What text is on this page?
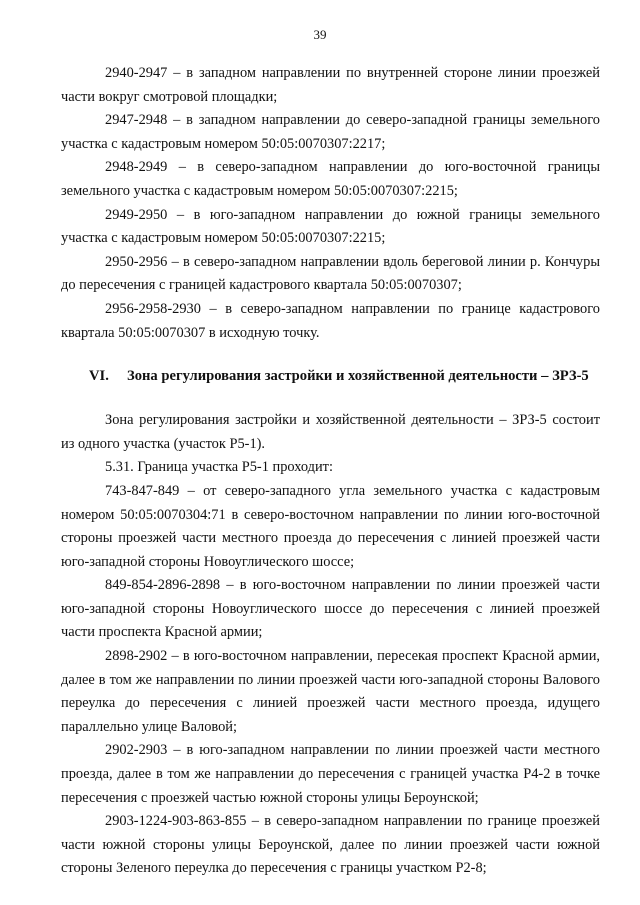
39

2940-2947 – в западном направлении по внутренней стороне линии проезжей части вокруг смотровой площадки;

2947-2948 – в западном направлении до северо-западной границы земельного участка с кадастровым номером 50:05:0070307:2217;

2948-2949 – в северо-западном направлении до юго-восточной границы земельного участка с кадастровым номером 50:05:0070307:2215;

2949-2950 – в юго-западном направлении до южной границы земельного участка с кадастровым номером 50:05:0070307:2215;

2950-2956 – в северо-западном направлении вдоль береговой линии р. Кончуры до пересечения с границей кадастрового квартала 50:05:0070307;

2956-2958-2930 – в северо-западном направлении по границе кадастрового квартала 50:05:0070307 в исходную точку.

VI. Зона регулирования застройки и хозяйственной деятельности – ЗРЗ-5

Зона регулирования застройки и хозяйственной деятельности – ЗРЗ-5 состоит из одного участка (участок Р5-1).

5.31. Граница участка Р5-1 проходит:

743-847-849 – от северо-западного угла земельного участка с кадастровым номером 50:05:0070304:71 в северо-восточном направлении по линии юго-восточной стороны проезжей части местного проезда до пересечения с линией проезжей части юго-западной стороны Новоуглического шоссе;

849-854-2896-2898 – в юго-восточном направлении по линии проезжей части юго-западной стороны Новоуглического шоссе до пересечения с линией проезжей части проспекта Красной армии;

2898-2902 – в юго-восточном направлении, пересекая проспект Красной армии, далее в том же направлении по линии проезжей части юго-западной стороны Валового переулка до пересечения с линией проезжей части местного проезда, идущего параллельно улице Валовой;

2902-2903 – в юго-западном направлении по линии проезжей части местного проезда, далее в том же направлении до пересечения с границей участка Р4-2 в точке пересечения с проезжей частью южной стороны улицы Бероунской;

2903-1224-903-863-855 – в северо-западном направлении по границе проезжей части южной стороны улицы Бероунской, далее по линии проезжей части южной стороны Зеленого переулка до пересечения с границы участком Р2-8;
